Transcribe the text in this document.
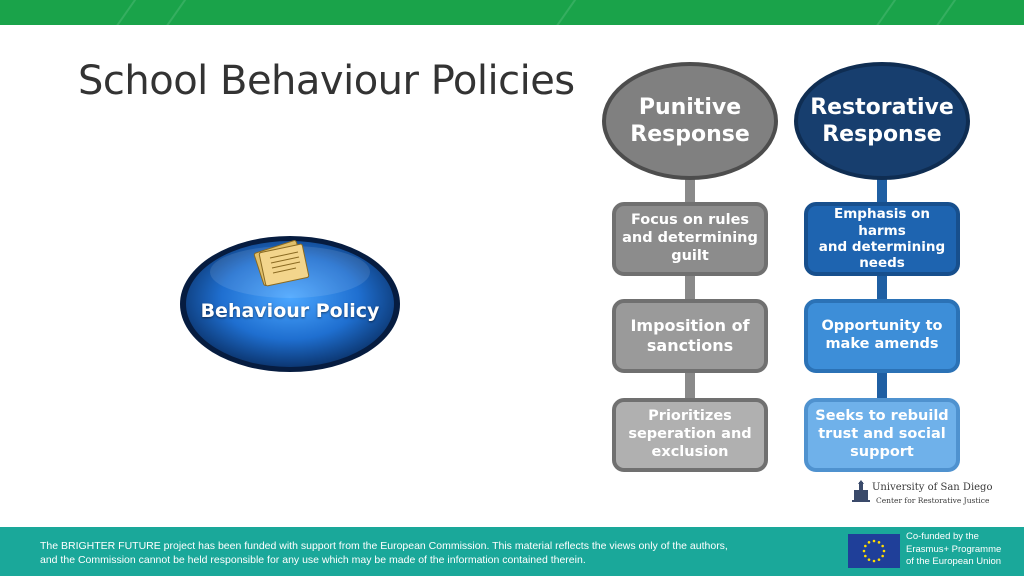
School Behaviour Policies
Behaviour Policy
Punitive
Response
Focus on rules
and determining
guilt
Imposition of
sanctions
Prioritizes
seperation and
exclusion
Restorative
Response
Emphasis on harms
and determining
needs
Opportunity to
make amends
Seeks to rebuild
trust and social
support
University of San Diego
Center for Restorative Justice
The BRIGHTER FUTURE project has been funded with support from the European Commission. This material reflects the views only of the authors,
and the Commission cannot be held responsible for any use which may be made of the information contained therein.
Co-funded by the
Erasmus+ Programme
of the European Union
